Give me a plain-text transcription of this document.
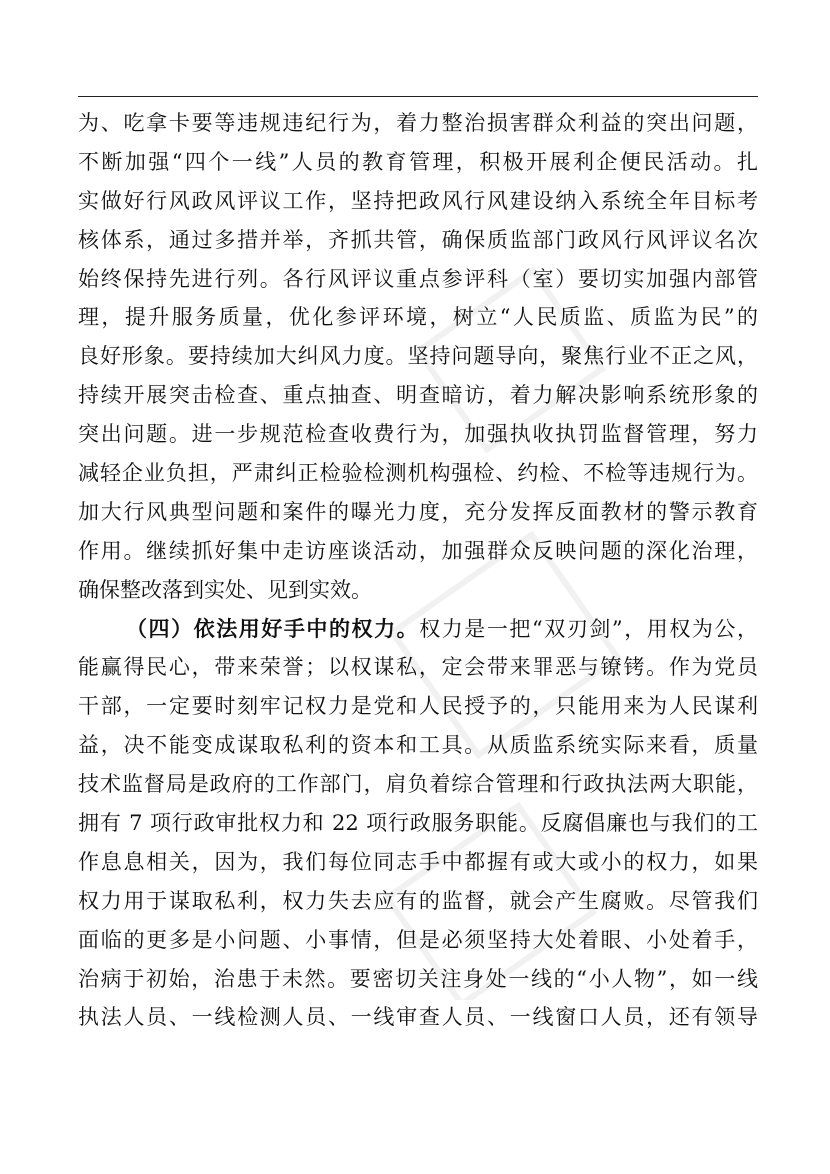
为、吃拿卡要等违规违纪行为，着力整治损害群众利益的突出问题，
不断加强“四个一线”人员的教育管理，积极开展利企便民活动。扎
实做好行风政风评议工作，坚持把政风行风建设纳入系统全年目标考
核体系，通过多措并举，齐抓共管，确保质监部门政风行风评议名次
始终保持先进行列。各行风评议重点参评科（室）要切实加强内部管
理，提升服务质量，优化参评环境，树立“人民质监、质监为民”的
良好形象。要持续加大纠风力度。坚持问题导向，聚焦行业不正之风，
持续开展突击检查、重点抽查、明查暗访，着力解决影响系统形象的
突出问题。进一步规范检查收费行为，加强执收执罚监督管理，努力
减轻企业负担，严肃纠正检验检测机构强检、约检、不检等违规行为。
加大行风典型问题和案件的曝光力度，充分发挥反面教材的警示教育
作用。继续抓好集中走访座谈活动，加强群众反映问题的深化治理，
确保整改落到实处、见到实效。
（四）依法用好手中的权力。权力是一把“双刃剑”，用权为公，
能赢得民心，带来荣誉；以权谋私，定会带来罪恶与镣铐。作为党员
干部，一定要时刻牢记权力是党和人民授予的，只能用来为人民谋利
益，决不能变成谋取私利的资本和工具。从质监系统实际来看，质量
技术监督局是政府的工作部门，肩负着综合管理和行政执法两大职能，
拥有 7 项行政审批权力和 22 项行政服务职能。反腐倡廉也与我们的工
作息息相关，因为，我们每位同志手中都握有或大或小的权力，如果
权力用于谋取私利，权力失去应有的监督，就会产生腐败。尽管我们
面临的更多是小问题、小事情，但是必须坚持大处着眼、小处着手，
治病于初始，治患于未然。要密切关注身处一线的“小人物”，如一线
执法人员、一线检测人员、一线审查人员、一线窗口人员，还有领导
